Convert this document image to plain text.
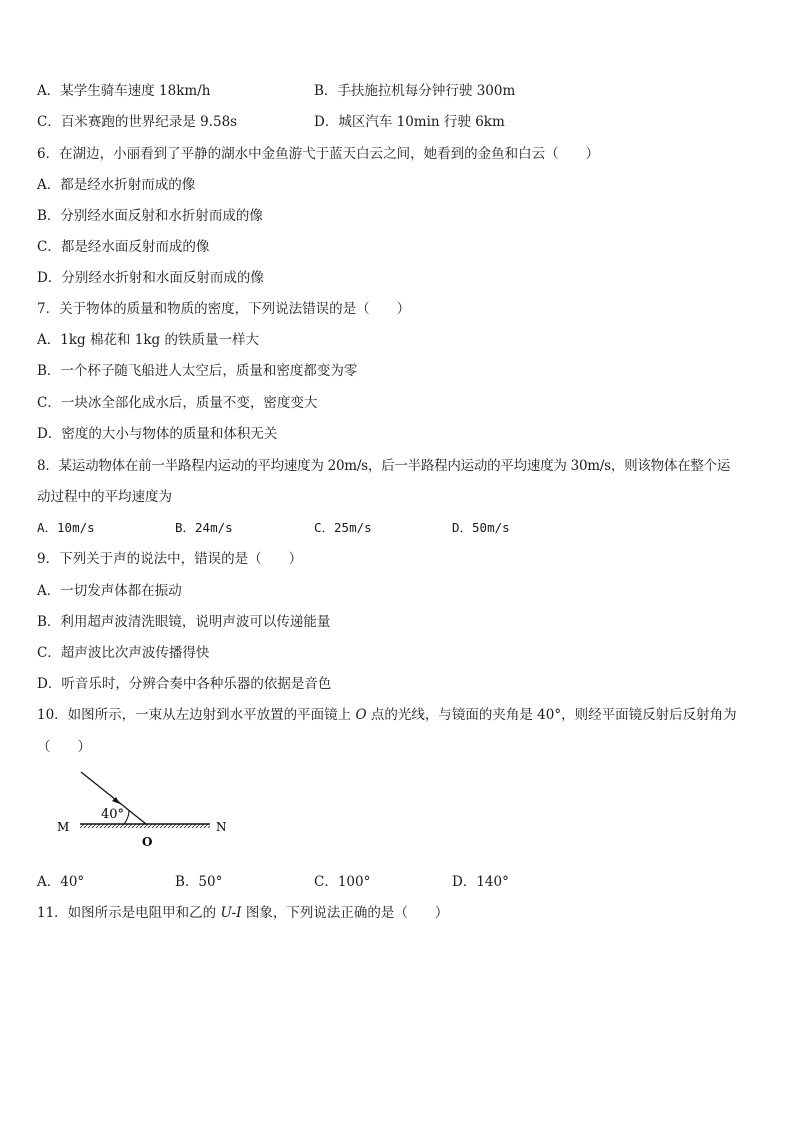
A．某学生骑车速度 18km/h	B．手扶施拉机每分钟行驶 300m
C．百米赛跑的世界纪录是 9.58s	D．城区汽车 10min 行驶 6km
6．在湖边，小丽看到了平静的湖水中金鱼游弋于蓝天白云之间，她看到的金鱼和白云（　　）
A．都是经水折射而成的像
B．分别经水面反射和水折射而成的像
C．都是经水面反射而成的像
D．分别经水折射和水面反射而成的像
7．关于物体的质量和物质的密度，下列说法错误的是（　　）
A．1kg 棉花和 1kg 的铁质量一样大
B．一个杯子随飞船进人太空后，质量和密度都变为零
C．一块冰全部化成水后，质量不变，密度变大
D．密度的大小与物体的质量和体积无关
8．某运动物体在前一半路程内运动的平均速度为 20m/s，后一半路程内运动的平均速度为 30m/s，则该物体在整个运
动过程中的平均速度为
A．10m/s	B．24m/s	C．25m/s	D．50m/s
9．下列关于声的说法中，错误的是（　　）
A．一切发声体都在振动
B．利用超声波清洗眼镜，说明声波可以传递能量
C．超声波比次声波传播得快
D．听音乐时，分辨合奏中各种乐器的依据是音色
10．如图所示，一束从左边射到水平放置的平面镜上 O 点的光线，与镜面的夹角是 40°，则经平面镜反射后反射角为
（　　）
40°
M	N
O
A．40°	B．50°	C．100°	D．140°
11．如图所示是电阻甲和乙的 U-I 图象，下列说法正确的是（　　）
